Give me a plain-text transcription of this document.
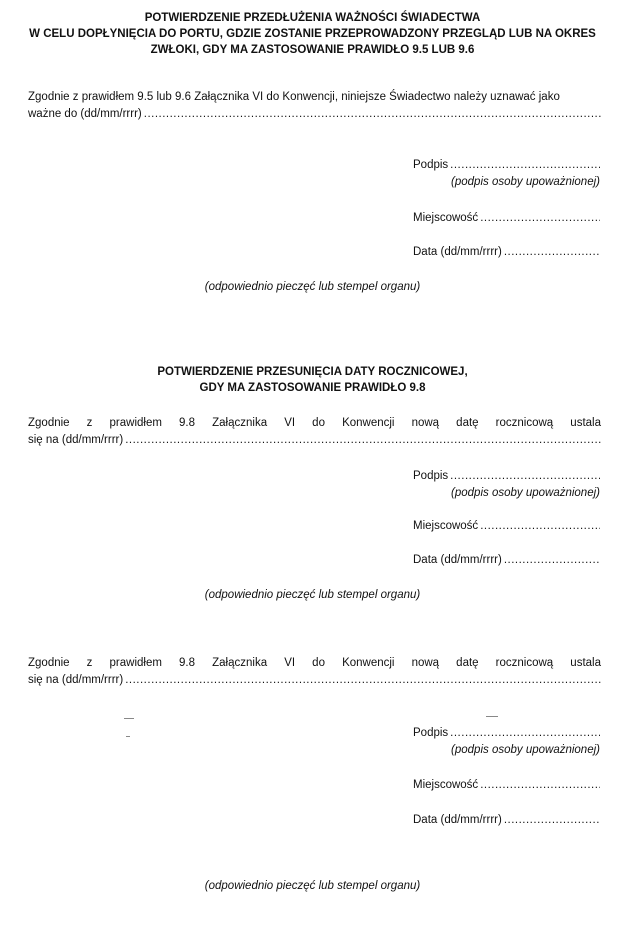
POTWIERDZENIE PRZEDŁUŻENIA WAŻNOŚCI ŚWIADECTWA
W CELU DOPŁYNIĘCIA DO PORTU, GDZIE ZOSTANIE PRZEPROWADZONY PRZEGLĄD LUB NA OKRES
ZWŁOKI, GDY MA ZASTOSOWANIE PRAWIDŁO 9.5 LUB 9.6
Zgodnie z prawidłem 9.5 lub 9.6 Załącznika VI do Konwencji, niniejsze Świadectwo należy uznawać jako
ważne do (dd/mm/rrrr)
.....
Podpis
.....
(podpis osoby upoważnionej)
Miejscowość
.....
Data (dd/mm/rrrr)
.....
(odpowiednio pieczęć lub stempel organu)
POTWIERDZENIE PRZESUNIĘCIA DATY ROCZNICOWEJ,
GDY MA ZASTOSOWANIE PRAWIDŁO 9.8
Zgodnie z prawidłem 9.8 Załącznika VI do Konwencji nową datę rocznicową ustala
się na (dd/mm/rrrr)
.....
Podpis
.....
(podpis osoby upoważnionej)
Miejscowość
.....
Data (dd/mm/rrrr)
.....
(odpowiednio pieczęć lub stempel organu)
Zgodnie z prawidłem 9.8 Załącznika VI do Konwencji nową datę rocznicową ustala
się na (dd/mm/rrrr)
.....
Podpis
.....
(podpis osoby upoważnionej)
Miejscowość
.....
Data (dd/mm/rrrr)
.....
(odpowiednio pieczęć lub stempel organu)
